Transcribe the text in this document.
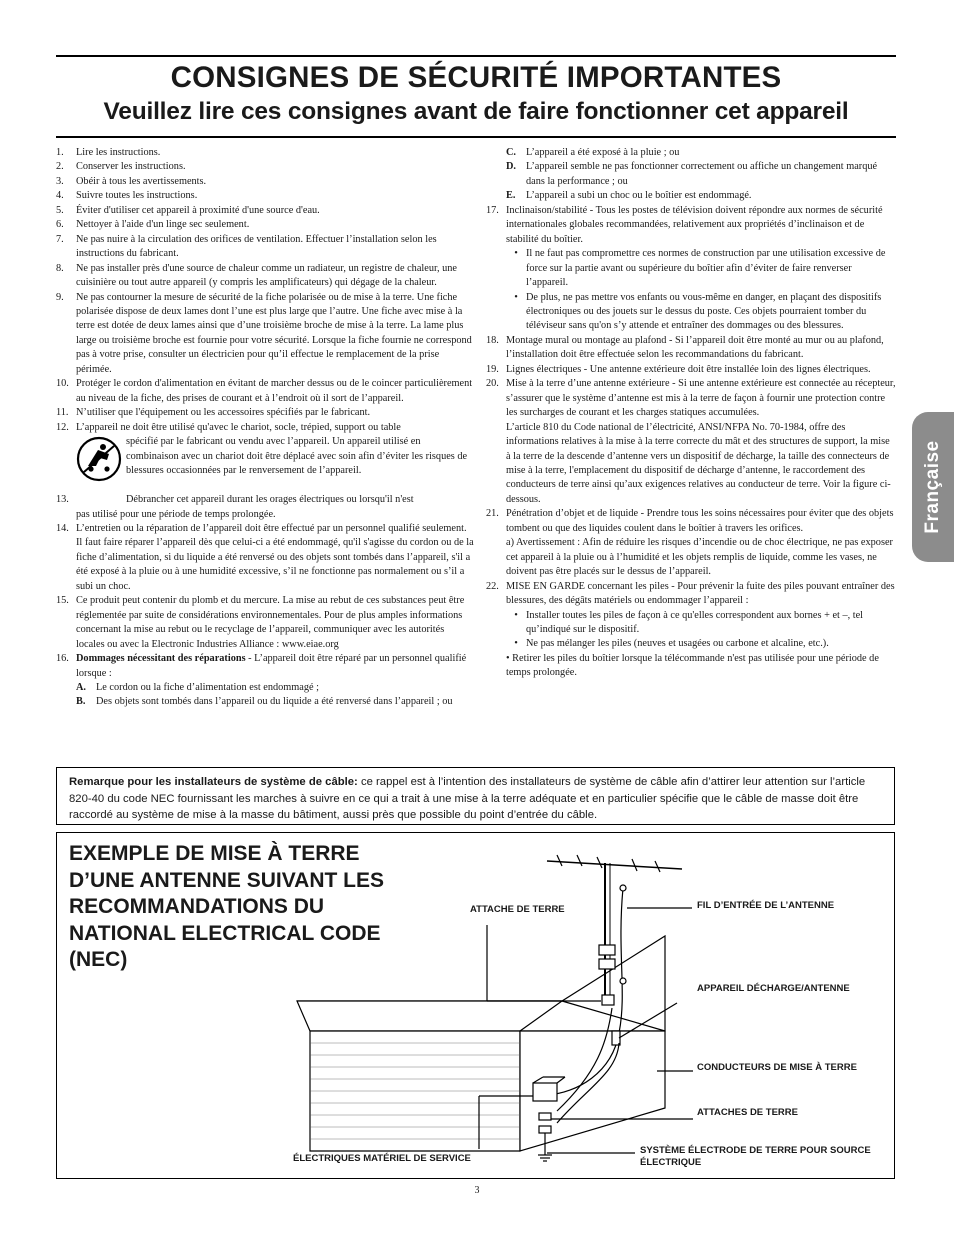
CONSIGNES DE SÉCURITÉ IMPORTANTES
Veuillez lire ces consignes avant de faire fonctionner cet appareil
1.	Lire les instructions.
2.	Conserver les instructions.
3.	Obéir à tous les avertissements.
4.	Suivre toutes les instructions.
5.	Éviter d'utiliser cet appareil à proximité d'une source d'eau.
6.	Nettoyer à l'aide d'un linge sec seulement.
7.	Ne pas nuire à la circulation des orifices de ventilation. Effectuer l’installation selon les instructions du fabricant.
8.	Ne pas installer près d'une source de chaleur comme un radiateur, un registre de chaleur, une cuisinière ou tout autre appareil (y compris les amplificateurs) qui dégage de la chaleur.
9.	Ne pas contourner la mesure de sécurité de la fiche polarisée ou de mise à la terre. Une fiche polarisée dispose de deux lames dont l’une est plus large que l’autre. Une fiche avec mise à la terre est dotée de deux lames ainsi que d’une troisième broche de mise à la terre. La lame plus large ou troisième broche est fournie pour votre sécurité. Lorsque la fiche fournie ne correspond pas à votre prise, consulter un électricien pour qu’il effectue le remplacement de la prise périmée.
10. Protéger le cordon d'alimentation en évitant de marcher dessus ou de le coincer particulièrement au niveau de la fiche, des prises de courant et à l’endroit où il sort de l’appareil.
11. N’utiliser que l'équipement ou les accessoires spécifiés par le fabricant.
12. L’appareil ne doit être utilisé qu'avec le chariot, socle, trépied, support ou table

spécifié par le fabricant ou vendu avec l’appareil. Un appareil utilisé en combinaison avec un chariot doit être déplacé avec soin afin d’éviter les risques de blessures occasionnées par le renversement de l’appareil.

13.	Débrancher cet appareil durant les orages électriques ou lorsqu'il n'est

pas utilisé pour une période de temps prolongée.

14. L’entretien ou la réparation de l’appareil doit être effectué par un personnel qualifié seulement. Il faut faire réparer l’appareil dès que celui-ci a été endommagé, qu'il s'agisse du cordon ou de la fiche d’alimentation, si du liquide a été renversé ou des objets sont tombés dans l’appareil, s'il a été exposé à la pluie ou à une humidité excessive, s’il ne fonctionne pas normalement ou s’il a subi un choc.
15. Ce produit peut contenir du plomb et du mercure. La mise au rebut de ces substances peut être réglementée par suite de considérations environnementales. Pour de plus amples informations concernant la mise au rebut ou le recyclage de l’appareil, communiquer avec les autorités locales ou avec la Electronic Industries Alliance : www.eiae.org
16. Dommages nécessitant des réparations - L’appareil doit être réparé par un personnel qualifié lorsque :
A. Le cordon ou la fiche d’alimentation est endommagé ;
B.	Des objets sont tombés dans l’appareil ou du liquide a été renversé dans l’appareil ; ou
C. L’appareil a été exposé à la pluie ; ou
D. L’appareil semble ne pas fonctionner correctement ou affiche un changement marqué dans la performance ; ou
E.	L’appareil a subi un choc ou le boîtier est endommagé.
17. Inclinaison/stabilité - Tous les postes de télévision doivent répondre aux normes de sécurité internationales globales recommandées, relativement aux propriétés d’inclinaison et de stabilité du boîtier.
• Il ne faut pas compromettre ces normes de construction par une utilisation excessive de force sur la partie avant ou supérieure du boîtier afin d’éviter de faire renverser l’appareil.
• De plus, ne pas mettre vos enfants ou vous-même en danger, en plaçant des dispositifs électroniques ou des jouets sur le dessus du poste. Ces objets pourraient tomber du téléviseur sans qu'on s’y attende et entraîner des dommages ou des blessures.
18. Montage mural ou montage au plafond - Si l’appareil doit être monté au mur ou au plafond, l’installation doit être effectuée selon les recommandations du fabricant.
19. Lignes électriques - Une antenne extérieure doit être installée loin des lignes électriques.
20. Mise à la terre d’une antenne extérieure - Si une antenne extérieure est connectée au récepteur, s’assurer que le système d’antenne est mis à la terre de façon à fournir une protection contre les surcharges de courant et les charges statiques accumulées.

L’article 810 du Code national de l’électricité, ANSI/NFPA No. 70-1984, offre des informations relatives à la mise à la terre correcte du mât et des structures de support, la mise à la terre de la descende d’antenne vers un dispositif de décharge, la taille des connecteurs de mise à la terre, l'emplacement du dispositif de décharge d’antenne, le raccordement des conducteurs de terre ainsi qu’aux exigences relatives au conducteur de terre. Voir la figure ci-dessous.

21. Pénétration d’objet et de liquide - Prendre tous les soins nécessaires pour éviter que des objets tombent ou que des liquides coulent dans le boîtier à travers les orifices.

a) Avertissement : Afin de réduire les risques d’incendie ou de choc électrique, ne pas exposer cet appareil à la pluie ou à l’humidité et les objets remplis de liquide, comme les vases, ne doivent pas être placés sur le dessus de l’appareil.

22. MISE EN GARDE concernant les piles - Pour prévenir la fuite des piles pouvant entraîner des blessures, des dégâts matériels ou endommager l’appareil :
• Installer toutes les piles de façon à ce qu'elles correspondent aux bornes + et –, tel qu’indiqué sur le dispositif.
• Ne pas mélanger les piles (neuves et usagées ou carbone et alcaline, etc.).

• Retirer les piles du boîtier lorsque la télécommande n'est pas utilisée pour une période de temps prolongée.

Française
Remarque pour les installateurs de système de câble: ce rappel est à l’intention des installateurs de système de câble afin d’attirer leur attention sur l’article 820-40 du code NEC fournissant les marches à suivre en ce qui a trait à une mise à la terre adéquate et en particulier spécifie que le câble de masse doit être raccordé au système de mise à la masse du bâtiment, aussi près que possible du point d’entrée du câble.

EXEMPLE DE MISE À TERRE D’UNE ANTENNE SUIVANT LES RECOMMANDATIONS DU NATIONAL ELECTRICAL CODE (NEC)

ATTACHE DE TERRE	FIL D’ENTRÉE DE L’ANTENNE
APPAREIL DÉCHARGE/ANTENNE
CONDUCTEURS DE MISE À TERRE
ATTACHES DE TERRE
SYSTÈME ÉLECTRODE DE TERRE POUR SOURCE ÉLECTRIQUE
ÉLECTRIQUES MATÉRIEL DE SERVICE
3
